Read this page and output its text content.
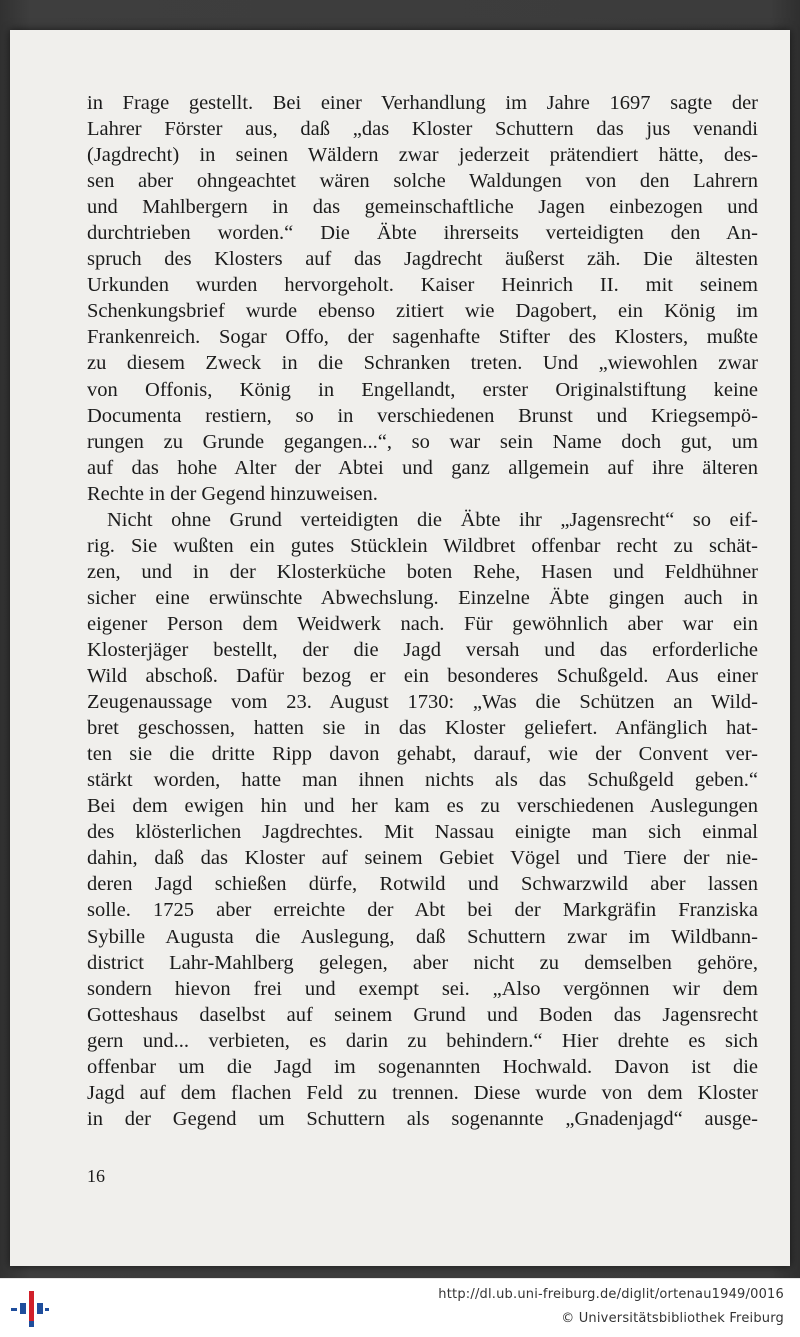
in Frage gestellt. Bei einer Verhandlung im Jahre 1697 sagte der
Lahrer Förster aus, daß „das Kloster Schuttern das jus venandi
(Jagdrecht) in seinen Wäldern zwar jederzeit prätendiert hätte, des-
sen aber ohngeachtet wären solche Waldungen von den Lahrern
und Mahlbergern in das gemeinschaftliche Jagen einbezogen und
durchtrieben worden.“ Die Äbte ihrerseits verteidigten den An-
spruch des Klosters auf das Jagdrecht äußerst zäh. Die ältesten
Urkunden wurden hervorgeholt. Kaiser Heinrich II. mit seinem
Schenkungsbrief wurde ebenso zitiert wie Dagobert, ein König im
Frankenreich. Sogar Offo, der sagenhafte Stifter des Klosters, mußte
zu diesem Zweck in die Schranken treten. Und „wiewohlen zwar
von Offonis, König in Engellandt, erster Originalstiftung keine
Documenta restiern, so in verschiedenen Brunst und Kriegsempö-
rungen zu Grunde gegangen...“, so war sein Name doch gut, um
auf das hohe Alter der Abtei und ganz allgemein auf ihre älteren
Rechte in der Gegend hinzuweisen.
Nicht ohne Grund verteidigten die Äbte ihr „Jagensrecht“ so eif-
rig. Sie wußten ein gutes Stücklein Wildbret offenbar recht zu schät-
zen, und in der Klosterküche boten Rehe, Hasen und Feldhühner
sicher eine erwünschte Abwechslung. Einzelne Äbte gingen auch in
eigener Person dem Weidwerk nach. Für gewöhnlich aber war ein
Klosterjäger bestellt, der die Jagd versah und das erforderliche
Wild abschoß. Dafür bezog er ein besonderes Schußgeld. Aus einer
Zeugenaussage vom 23. August 1730: „Was die Schützen an Wild-
bret geschossen, hatten sie in das Kloster geliefert. Anfänglich hat-
ten sie die dritte Ripp davon gehabt, darauf, wie der Convent ver-
stärkt worden, hatte man ihnen nichts als das Schußgeld geben.“
Bei dem ewigen hin und her kam es zu verschiedenen Auslegungen
des klösterlichen Jagdrechtes. Mit Nassau einigte man sich einmal
dahin, daß das Kloster auf seinem Gebiet Vögel und Tiere der nie-
deren Jagd schießen dürfe, Rotwild und Schwarzwild aber lassen
solle. 1725 aber erreichte der Abt bei der Markgräfin Franziska
Sybille Augusta die Auslegung, daß Schuttern zwar im Wildbann-
district Lahr-Mahlberg gelegen, aber nicht zu demselben gehöre,
sondern hievon frei und exempt sei. „Also vergönnen wir dem
Gotteshaus daselbst auf seinem Grund und Boden das Jagensrecht
gern und... verbieten, es darin zu behindern.“ Hier drehte es sich
offenbar um die Jagd im sogenannten Hochwald. Davon ist die
Jagd auf dem flachen Feld zu trennen. Diese wurde von dem Kloster
in der Gegend um Schuttern als sogenannte „Gnadenjagd“ ausge-
16
http://dl.ub.uni-freiburg.de/diglit/ortenau1949/0016
© Universitätsbibliothek Freiburg
